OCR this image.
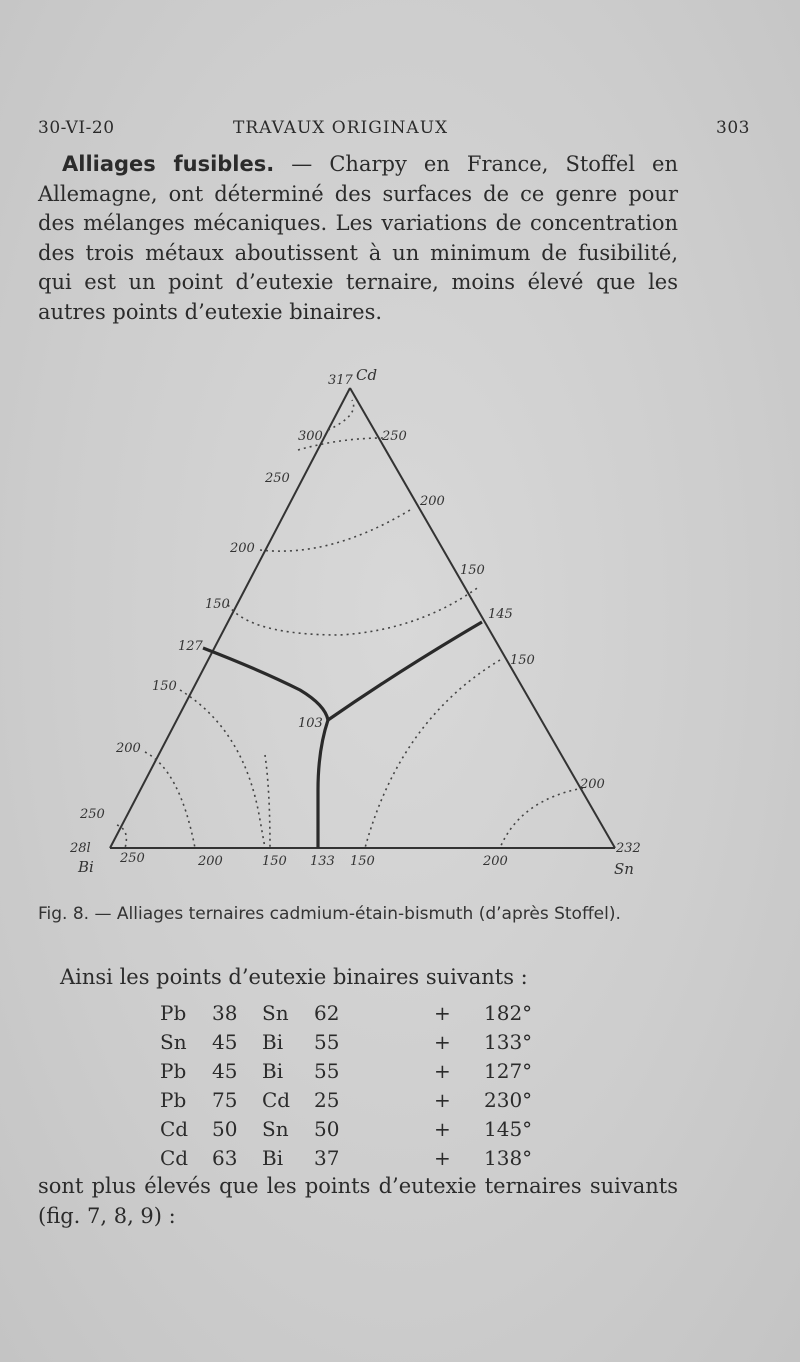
30-VI-20	TRAVAUX ORIGINAUX	303

Alliages fusibles. — Charpy en France, Stoffel en Allemagne, ont déterminé des surfaces de ce genre pour des mélanges mécaniques. Les variations de concentration des trois métaux aboutissent à un minimum de fusibilité, qui est un point d’eutexie ternaire, moins élevé que les autres points d’eutexie binaires.

317 Cd
28l
Bi
232
Sn
300
250
200
150
127
150
200
250
250
200
150
145
150
200
250	200	150 133 150	200
103
Fig. 8. — Alliages ternaires cadmium-étain-bismuth (d’après Stoffel).
Ainsi les points d’eutexie binaires suivants :
Pb	38	Sn	62	+	182°
Sn	45	Bi	55	+	133°
Pb	45	Bi	55	+	127°
Pb	75	Cd	25	+	230°
Cd	50	Sn	50	+	145°
Cd	63	Bi	37	+	138°

sont plus élevés que les points d’eutexie ternaires suivants (fig. 7, 8, 9) :
